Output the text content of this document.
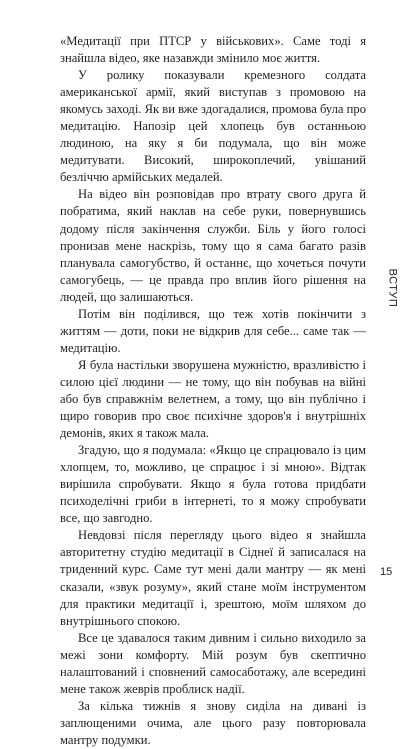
«Медитації при ПТСР у військових». Саме тоді я знайшла відео, яке назавжди змінило моє життя.

У ролику показували кремезного солдата американської армії, який виступав з промовою на якомусь заході. Як ви вже здогадалися, промова була про медитацію. Напозір цей хлопець був останньою людиною, на яку я би подумала, що він може медитувати. Високий, широкоплечий, увішаний безліччю армійських медалей.

На відео він розповідав про втрату свого друга й побратима, який наклав на себе руки, повернувшись додому після закінчення служби. Біль у його голосі пронизав мене наскрізь, тому що я сама багато разів планувала самогубство, й останнє, що хочеться почути самогубець, — це правда про вплив його рішення на людей, що залишаються.

Потім він поділився, що теж хотів покінчити з життям — доти, поки не відкрив для себе... саме так — медитацію.

Я була настільки зворушена мужністю, вразливістю і силою цієї людини — не тому, що він побував на війні або був справжнім велетнем, а тому, що він публічно і щиро говорив про своє психічне здоров'я і внутрішніх демонів, яких я також мала.

Згадую, що я подумала: «Якщо це спрацювало із цим хлопцем, то, можливо, це спрацює і зі мною». Відтак вирішила спробувати. Якщо я була готова придбати психоделічні гриби в інтернеті, то я можу спробувати все, що завгодно.

Невдовзі після перегляду цього відео я знайшла авторитетну студію медитації в Сіднеї й записалася на триденний курс. Саме тут мені дали мантру — як мені сказали, «звук розуму», який стане моїм інструментом для практики медитації і, зрештою, моїм шляхом до внутрішнього спокою.

Все це здавалося таким дивним і сильно виходило за межі зони комфорту. Мій розум був скептично налаштований і сповнений самосаботажу, але всередині мене також жеврів проблиск надії.

За кілька тижнів я знову сиділа на дивані із заплющеними очима, але цього разу повторювала мантру подумки.

ВСТУП
15
